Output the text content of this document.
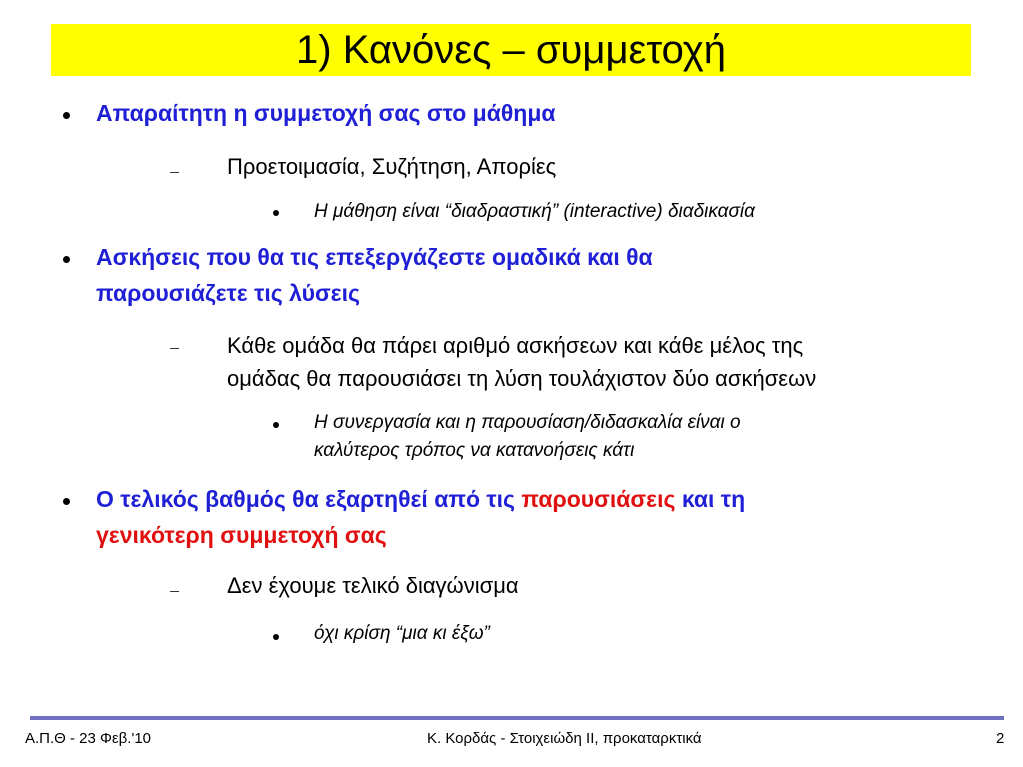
1) Κανόνες – συμμετοχή
Απαραίτητη η συμμετοχή σας στο μάθημα
Προετοιμασία, Συζήτηση, Απορίες
Η μάθηση είναι “διαδραστική” (interactive) διαδικασία
Ασκήσεις που θα τις επεξεργάζεστε ομαδικά και θα
παρουσιάζετε τις λύσεις
Κάθε ομάδα θα πάρει αριθμό ασκήσεων και κάθε μέλος της
ομάδας θα παρουσιάσει τη λύση τουλάχιστον δύο ασκήσεων
Η συνεργασία και η παρουσίαση/διδασκαλία είναι ο
καλύτερος τρόπος να κατανοήσεις κάτι
Ο τελικός βαθμός θα εξαρτηθεί από τις παρουσιάσεις και τη
γενικότερη συμμετοχή σας
Δεν έχουμε τελικό διαγώνισμα
όχι κρίση “μια κι έξω”
Α.Π.Θ - 23 Φεβ.'10	Κ. Κορδάς - Στοιχειώδη ΙΙ, προκαταρκτικά	2
